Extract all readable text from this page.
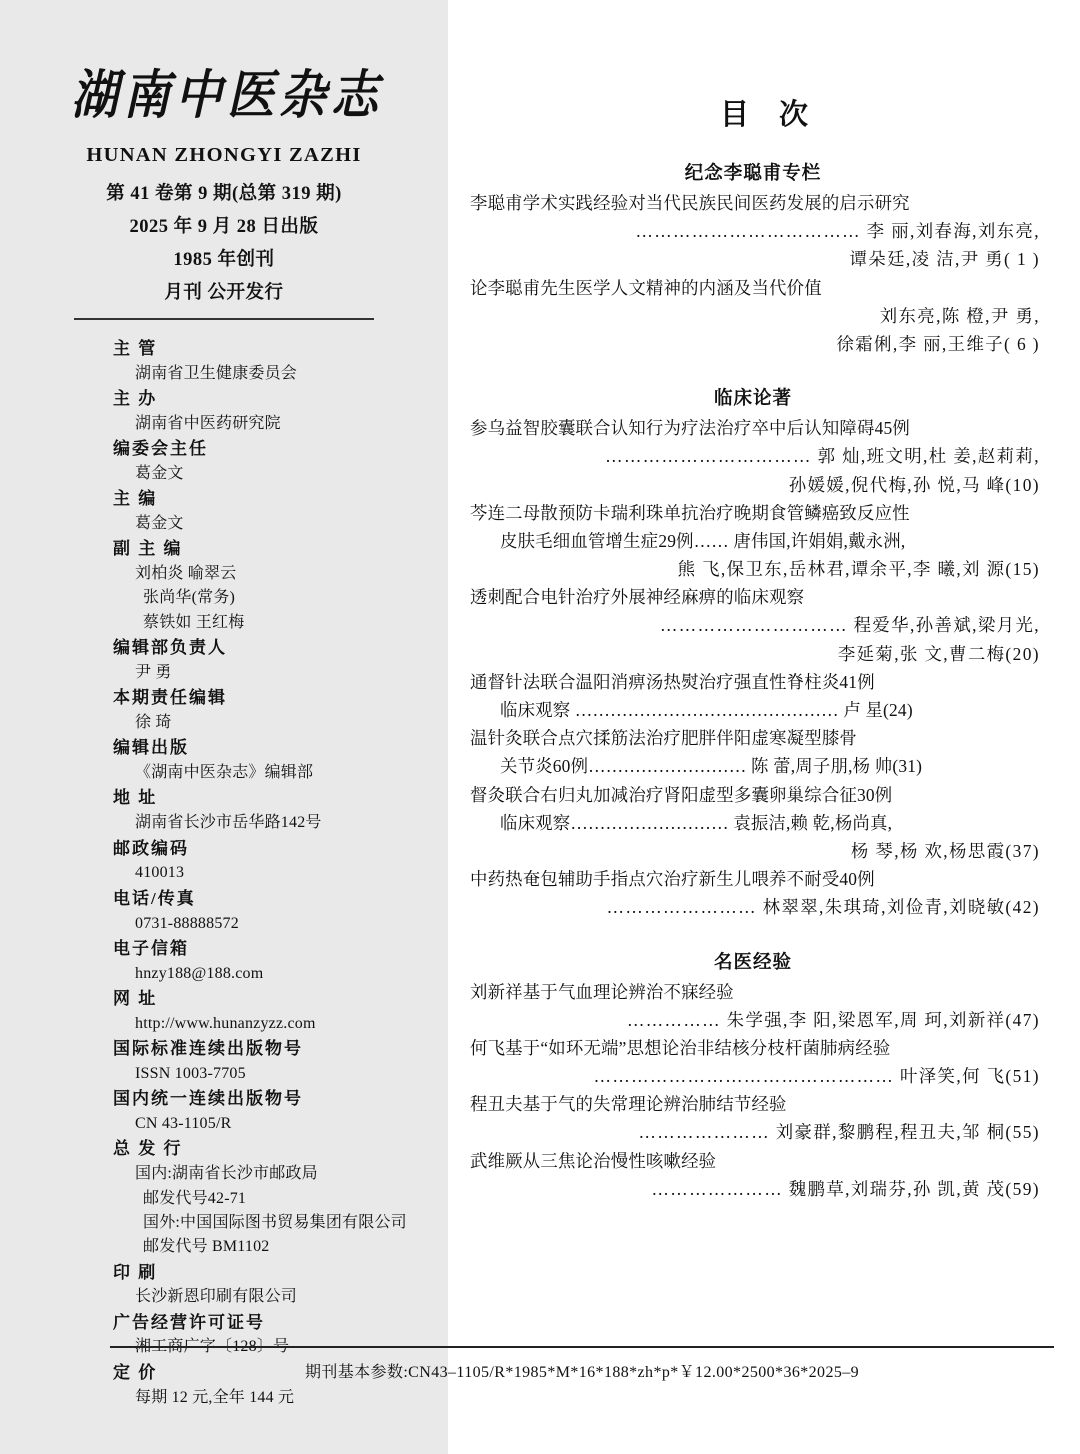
湖南中医杂志
HUNAN ZHONGYI ZAZHI
第 41 卷第 9 期(总第 319 期)
2025 年 9 月 28 日出版
1985 年创刊
月刊 公开发行
主 管
湖南省卫生健康委员会
主 办
湖南省中医药研究院
编委会主任
葛金文
主 编
葛金文
副 主 编
刘柏炎 喻翠云
张尚华(常务)
蔡铁如 王红梅
编辑部负责人
尹 勇
本期责任编辑
徐 琦
编辑出版
《湖南中医杂志》编辑部
地 址
湖南省长沙市岳华路142号
邮政编码
410013
电话/传真
0731-88888572
电子信箱
hnzy188@188.com
网 址
http://www.hunanzyzz.com
国际标准连续出版物号
ISSN 1003-7705
国内统一连续出版物号
CN 43-1105/R
总 发 行
国内:湖南省长沙市邮政局
邮发代号42-71
国外:中国国际图书贸易集团有限公司
邮发代号 BM1102
印 刷
长沙新恩印刷有限公司
广告经营许可证号
湘工商广字〔128〕号
定 价
每期 12 元,全年 144 元
目次
纪念李聪甫专栏
李聪甫学术实践经验对当代民族民间医药发展的启示研究
……………………………… 李 丽,刘春海,刘东亮,
谭朵廷,凌 洁,尹 勇( 1 )
论李聪甫先生医学人文精神的内涵及当代价值
刘东亮,陈 橙,尹 勇,
徐霜俐,李 丽,王维子( 6 )
临床论著
参乌益智胶囊联合认知行为疗法治疗卒中后认知障碍45例
…………………………… 郭 灿,班文明,杜 姜,赵莉莉,
孙媛媛,倪代梅,孙 悦,马 峰(10)
芩连二母散预防卡瑞利珠单抗治疗晚期食管鳞癌致反应性
皮肤毛细血管增生症29例…… 唐伟国,许娟娟,戴永洲,
熊 飞,保卫东,岳林君,谭余平,李 曦,刘 源(15)
透刺配合电针治疗外展神经麻痹的临床观察
………………………… 程爱华,孙善斌,梁月光,
李延菊,张 文,曹二梅(20)
通督针法联合温阳消痹汤热熨治疗强直性脊柱炎41例
临床观察 ……………………………………… 卢 星(24)
温针灸联合点穴揉筋法治疗肥胖伴阳虚寒凝型膝骨
关节炎60例……………………… 陈 蕾,周子朋,杨 帅(31)
督灸联合右归丸加减治疗肾阳虚型多囊卵巢综合征30例
临床观察……………………… 袁振洁,赖 乾,杨尚真,
杨 琴,杨 欢,杨思霞(37)
中药热奄包辅助手指点穴治疗新生儿喂养不耐受40例
…………………… 林翠翠,朱琪琦,刘俭青,刘晓敏(42)
名医经验
刘新祥基于气血理论辨治不寐经验
…………… 朱学强,李 阳,梁恩军,周 珂,刘新祥(47)
何飞基于“如环无端”思想论治非结核分枝杆菌肺病经验
………………………………………… 叶泽笑,何 飞(51)
程丑夫基于气的失常理论辨治肺结节经验
………………… 刘豪群,黎鹏程,程丑夫,邹 桐(55)
武维厥从三焦论治慢性咳嗽经验
………………… 魏鹏草,刘瑞芬,孙 凯,黄 茂(59)
期刊基本参数:CN43–1105/R*1985*M*16*188*zh*p*￥12.00*2500*36*2025–9
